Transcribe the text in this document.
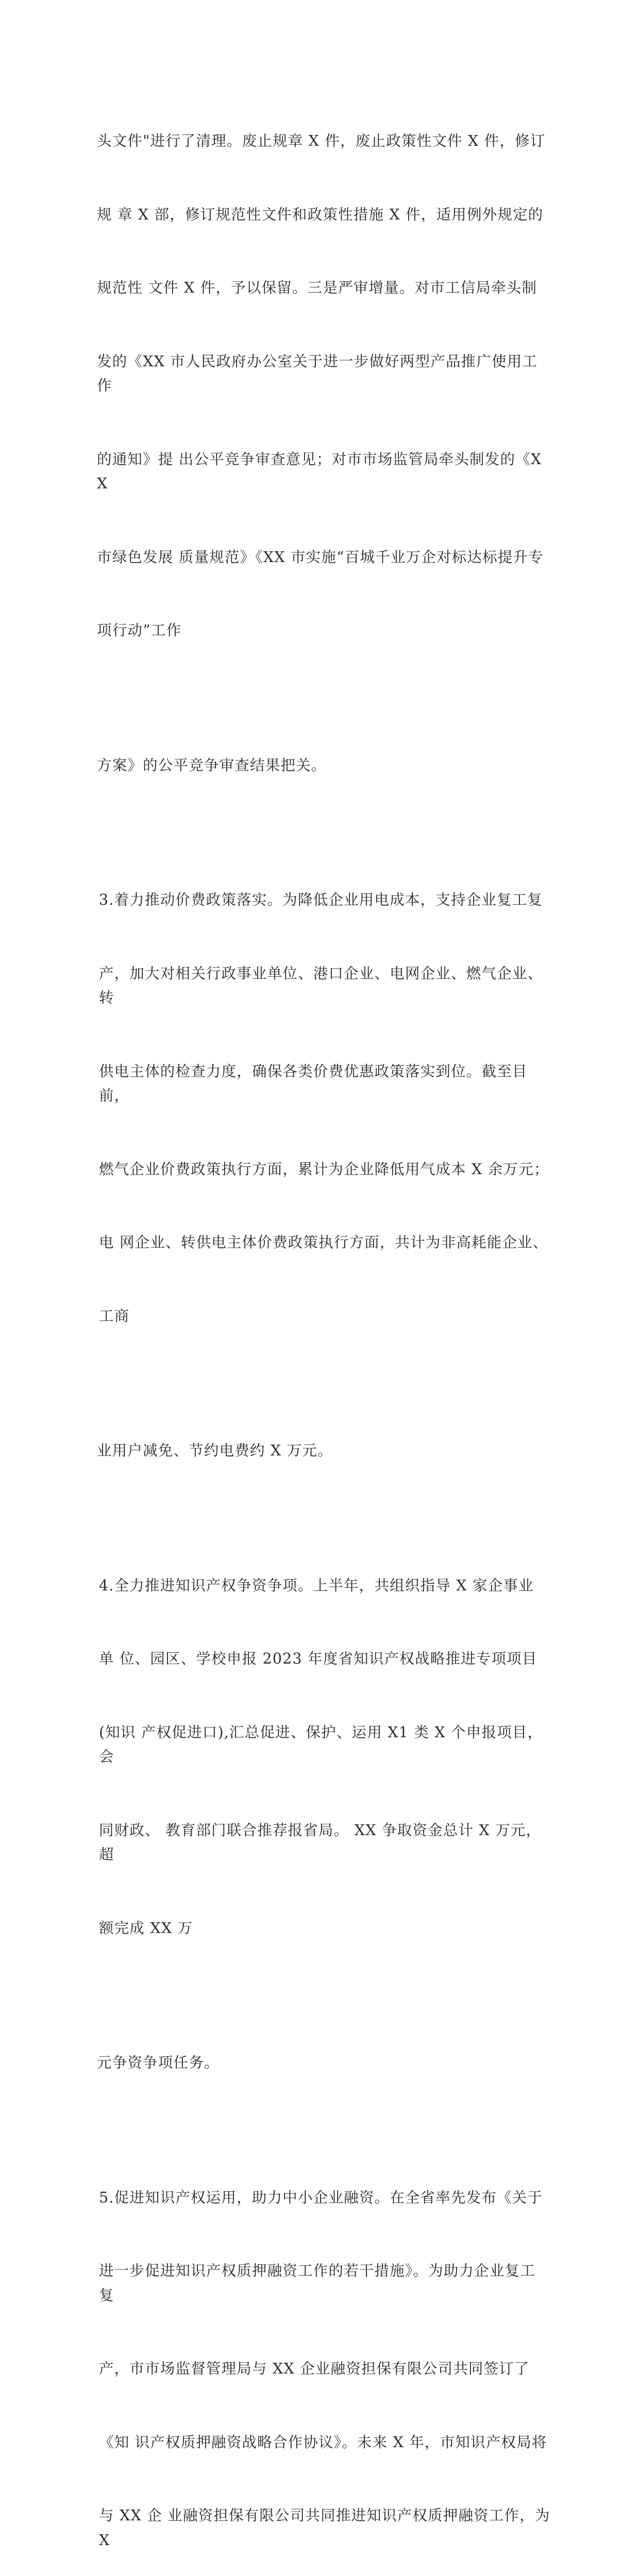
头文件"进行了清理。废止规章 X 件，废止政策性文件 X 件，修订

规 章 X 部，修订规范性文件和政策性措施 X 件，适用例外规定的

规范性 文件 X 件，予以保留。三是严审增量。对市工信局牵头制

发的《XX 市人民政府办公室关于进一步做好两型产品推广使用工作

的通知》提 出公平竞争审查意见；对市市场监管局牵头制发的《XX

市绿色发展 质量规范》《XX 市实施“百城千业万企对标达标提升专

项行动”工作

方案》的公平竞争审查结果把关。

3.着力推动价费政策落实。为降低企业用电成本，支持企业复工复

产，加大对相关行政事业单位、港口企业、电网企业、燃气企业、转

供电主体的检查力度，确保各类价费优惠政策落实到位。截至目前，

燃气企业价费政策执行方面，累计为企业降低用气成本 X 余万元；

电 网企业、转供电主体价费政策执行方面，共计为非高耗能企业、

工商

业用户减免、节约电费约 X 万元。

4.全力推进知识产权争资争项。上半年，共组织指导 X 家企事业

单 位、园区、学校申报 2023 年度省知识产权战略推进专项项目

(知识 产权促进口),汇总促进、保护、运用 X1 类 X 个申报项目，会

同财政、 教育部门联合推荐报省局。 XX 争取资金总计 X 万元，超

额完成 XX 万

元争资争项任务。

5.促进知识产权运用，助力中小企业融资。在全省率先发布《关于

进一步促进知识产权质押融资工作的若干措施》。为助力企业复工复

产，市市场监督管理局与 XX 企业融资担保有限公司共同签订了

《知 识产权质押融资战略合作协议》。未来 X 年，市知识产权局将

与 XX 企 业融资担保有限公司共同推进知识产权质押融资工作，为 X
